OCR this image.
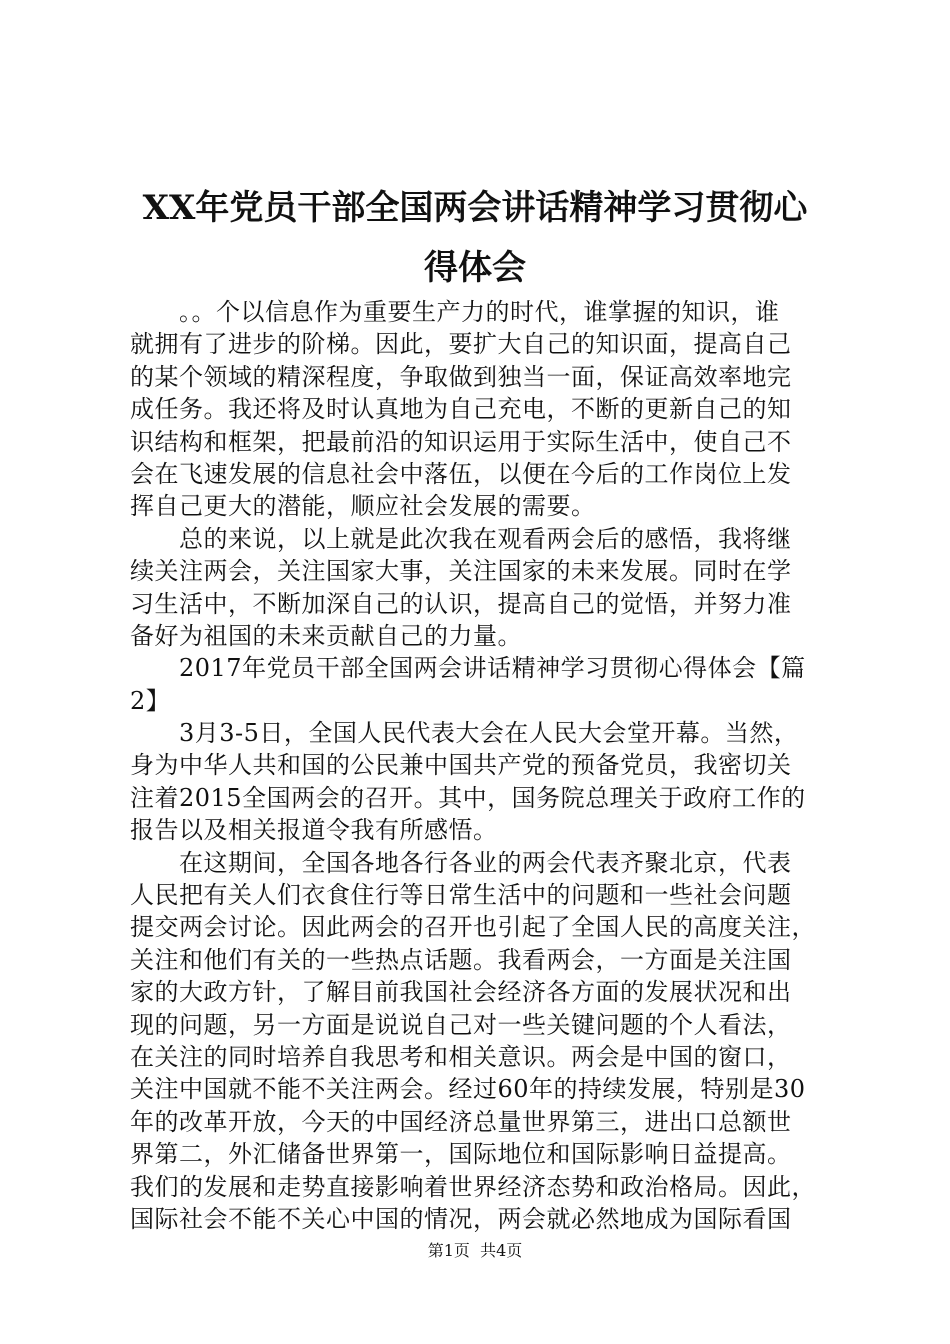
XX年党员干部全国两会讲话精神学习贯彻心
得体会
　　。。个以信息作为重要生产力的时代，谁掌握的知识，谁
就拥有了进步的阶梯。因此，要扩大自己的知识面，提高自己
的某个领域的精深程度，争取做到独当一面，保证高效率地完
成任务。我还将及时认真地为自己充电，不断的更新自己的知
识结构和框架，把最前沿的知识运用于实际生活中，使自己不
会在飞速发展的信息社会中落伍，以便在今后的工作岗位上发
挥自己更大的潜能，顺应社会发展的需要。
　　总的来说，以上就是此次我在观看两会后的感悟，我将继
续关注两会，关注国家大事，关注国家的未来发展。同时在学
习生活中，不断加深自己的认识，提高自己的觉悟，并努力准
备好为祖国的未来贡献自己的力量。
　　2017年党员干部全国两会讲话精神学习贯彻心得体会【篇
2】
　　3月3-5日，全国人民代表大会在人民大会堂开幕。当然，
身为中华人共和国的公民兼中国共产党的预备党员，我密切关
注着2015全国两会的召开。其中，国务院总理关于政府工作的
报告以及相关报道令我有所感悟。
　　在这期间，全国各地各行各业的两会代表齐聚北京，代表
人民把有关人们衣食住行等日常生活中的问题和一些社会问题
提交两会讨论。因此两会的召开也引起了全国人民的高度关注，
关注和他们有关的一些热点话题。我看两会，一方面是关注国
家的大政方针，了解目前我国社会经济各方面的发展状况和出
现的问题，另一方面是说说自己对一些关键问题的个人看法，
在关注的同时培养自我思考和相关意识。两会是中国的窗口，
关注中国就不能不关注两会。经过60年的持续发展，特别是30
年的改革开放，今天的中国经济总量世界第三，进出口总额世
界第二，外汇储备世界第一，国际地位和国际影响日益提高。
我们的发展和走势直接影响着世界经济态势和政治格局。因此，
国际社会不能不关心中国的情况，两会就必然地成为国际看国
第1页  共4页
